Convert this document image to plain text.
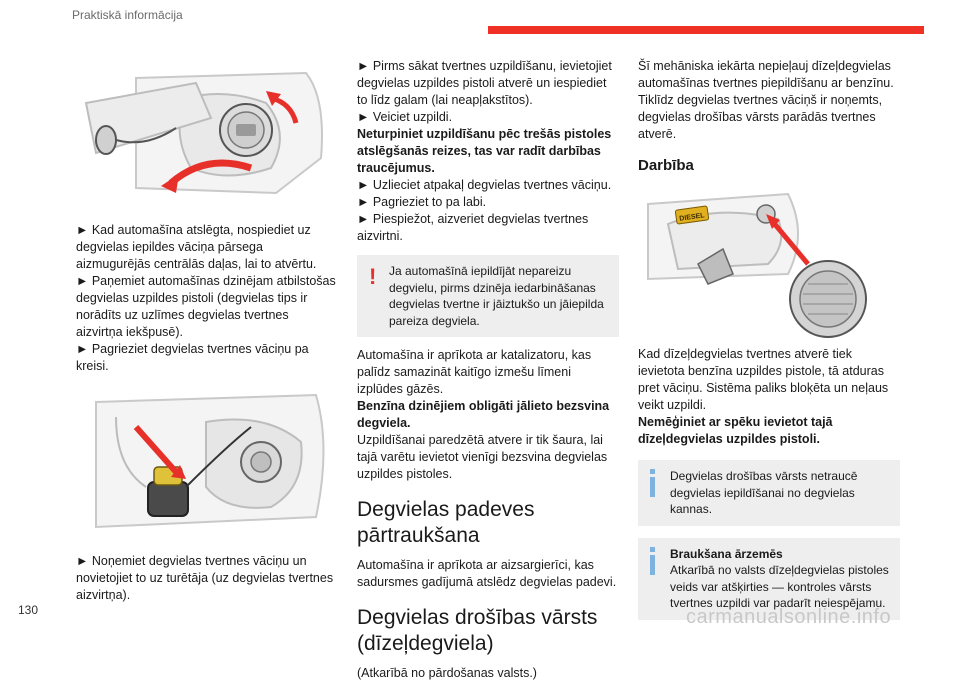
Praktiskā informācija

► Kad automašīna atslēgta, nospiediet uz degvielas iepildes vāciņa pārsega aizmugurējās centrālās daļas, lai to atvērtu.

► Paņemiet automašīnas dzinējam atbilstošas degvielas uzpildes pistoli (degvielas tips ir norādīts uz uzlīmes degvielas tvertnes aizvirtņa iekšpusē).

► Pagrieziet degvielas tvertnes vāciņu pa kreisi.

► Noņemiet degvielas tvertnes vāciņu un novietojiet to uz turētāja (uz degvielas tvertnes aizvirtņa).

► Pirms sākat tvertnes uzpildīšanu, ievietojiet degvielas uzpildes pistoli atverē un iespiediet to līdz galam (lai neapļakstītos).

► Veiciet uzpildi.

Neturpiniet uzpildīšanu pēc trešās pistoles atslēgšanās reizes, tas var radīt darbības traucējumus.

► Uzlieciet atpakaļ degvielas tvertnes vāciņu.

► Pagrieziet to pa labi.

► Piespiežot, aizveriet degvielas tvertnes aizvirtni.

! Ja automašīnā iepildījāt nepareizu degvielu, pirms dzinēja iedarbināšanas degvielas tvertne ir jāiztukšo un jāiepilda pareiza degviela.

Automašīna ir aprīkota ar katalizatoru, kas palīdz samazināt kaitīgo izmešu līmeni izplūdes gāzēs.

Benzīna dzinējiem obligāti jālieto bezsvina degviela.

Uzpildīšanai paredzētā atvere ir tik šaura, lai tajā varētu ievietot vienīgi bezsvina degvielas uzpildes pistoles.

Degvielas padeves pārtraukšana

Automašīna ir aprīkota ar aizsargierīci, kas sadursmes gadījumā atslēdz degvielas padevi.

Degvielas drošības vārsts (dīzeļdegviela)

(Atkarībā no pārdošanas valsts.)

Šī mehāniska iekārta nepieļauj dīzeļdegvielas automašīnas tvertnes piepildīšanu ar benzīnu. Tiklīdz degvielas tvertnes vāciņš ir noņemts, degvielas drošības vārsts parādās tvertnes atverē.

Darbība
DIESEL

Kad dīzeļdegvielas tvertnes atverē tiek ievietota benzīna uzpildes pistole, tā atduras pret vāciņu. Sistēma paliks bloķēta un neļaus veikt uzpildi.

Nemēģiniet ar spēku ievietot tajā dīzeļdegvielas uzpildes pistoli.

Degvielas drošības vārsts netraucē degvielas iepildīšanai no degvielas kannas.
Braukšana ārzemēs
Atkarībā no valsts dīzeļdegvielas pistoles veids var atšķirties — kontroles vārsts tvertnes uzpildi var padarīt neiespējamu.
130	carmanualsonline.info
